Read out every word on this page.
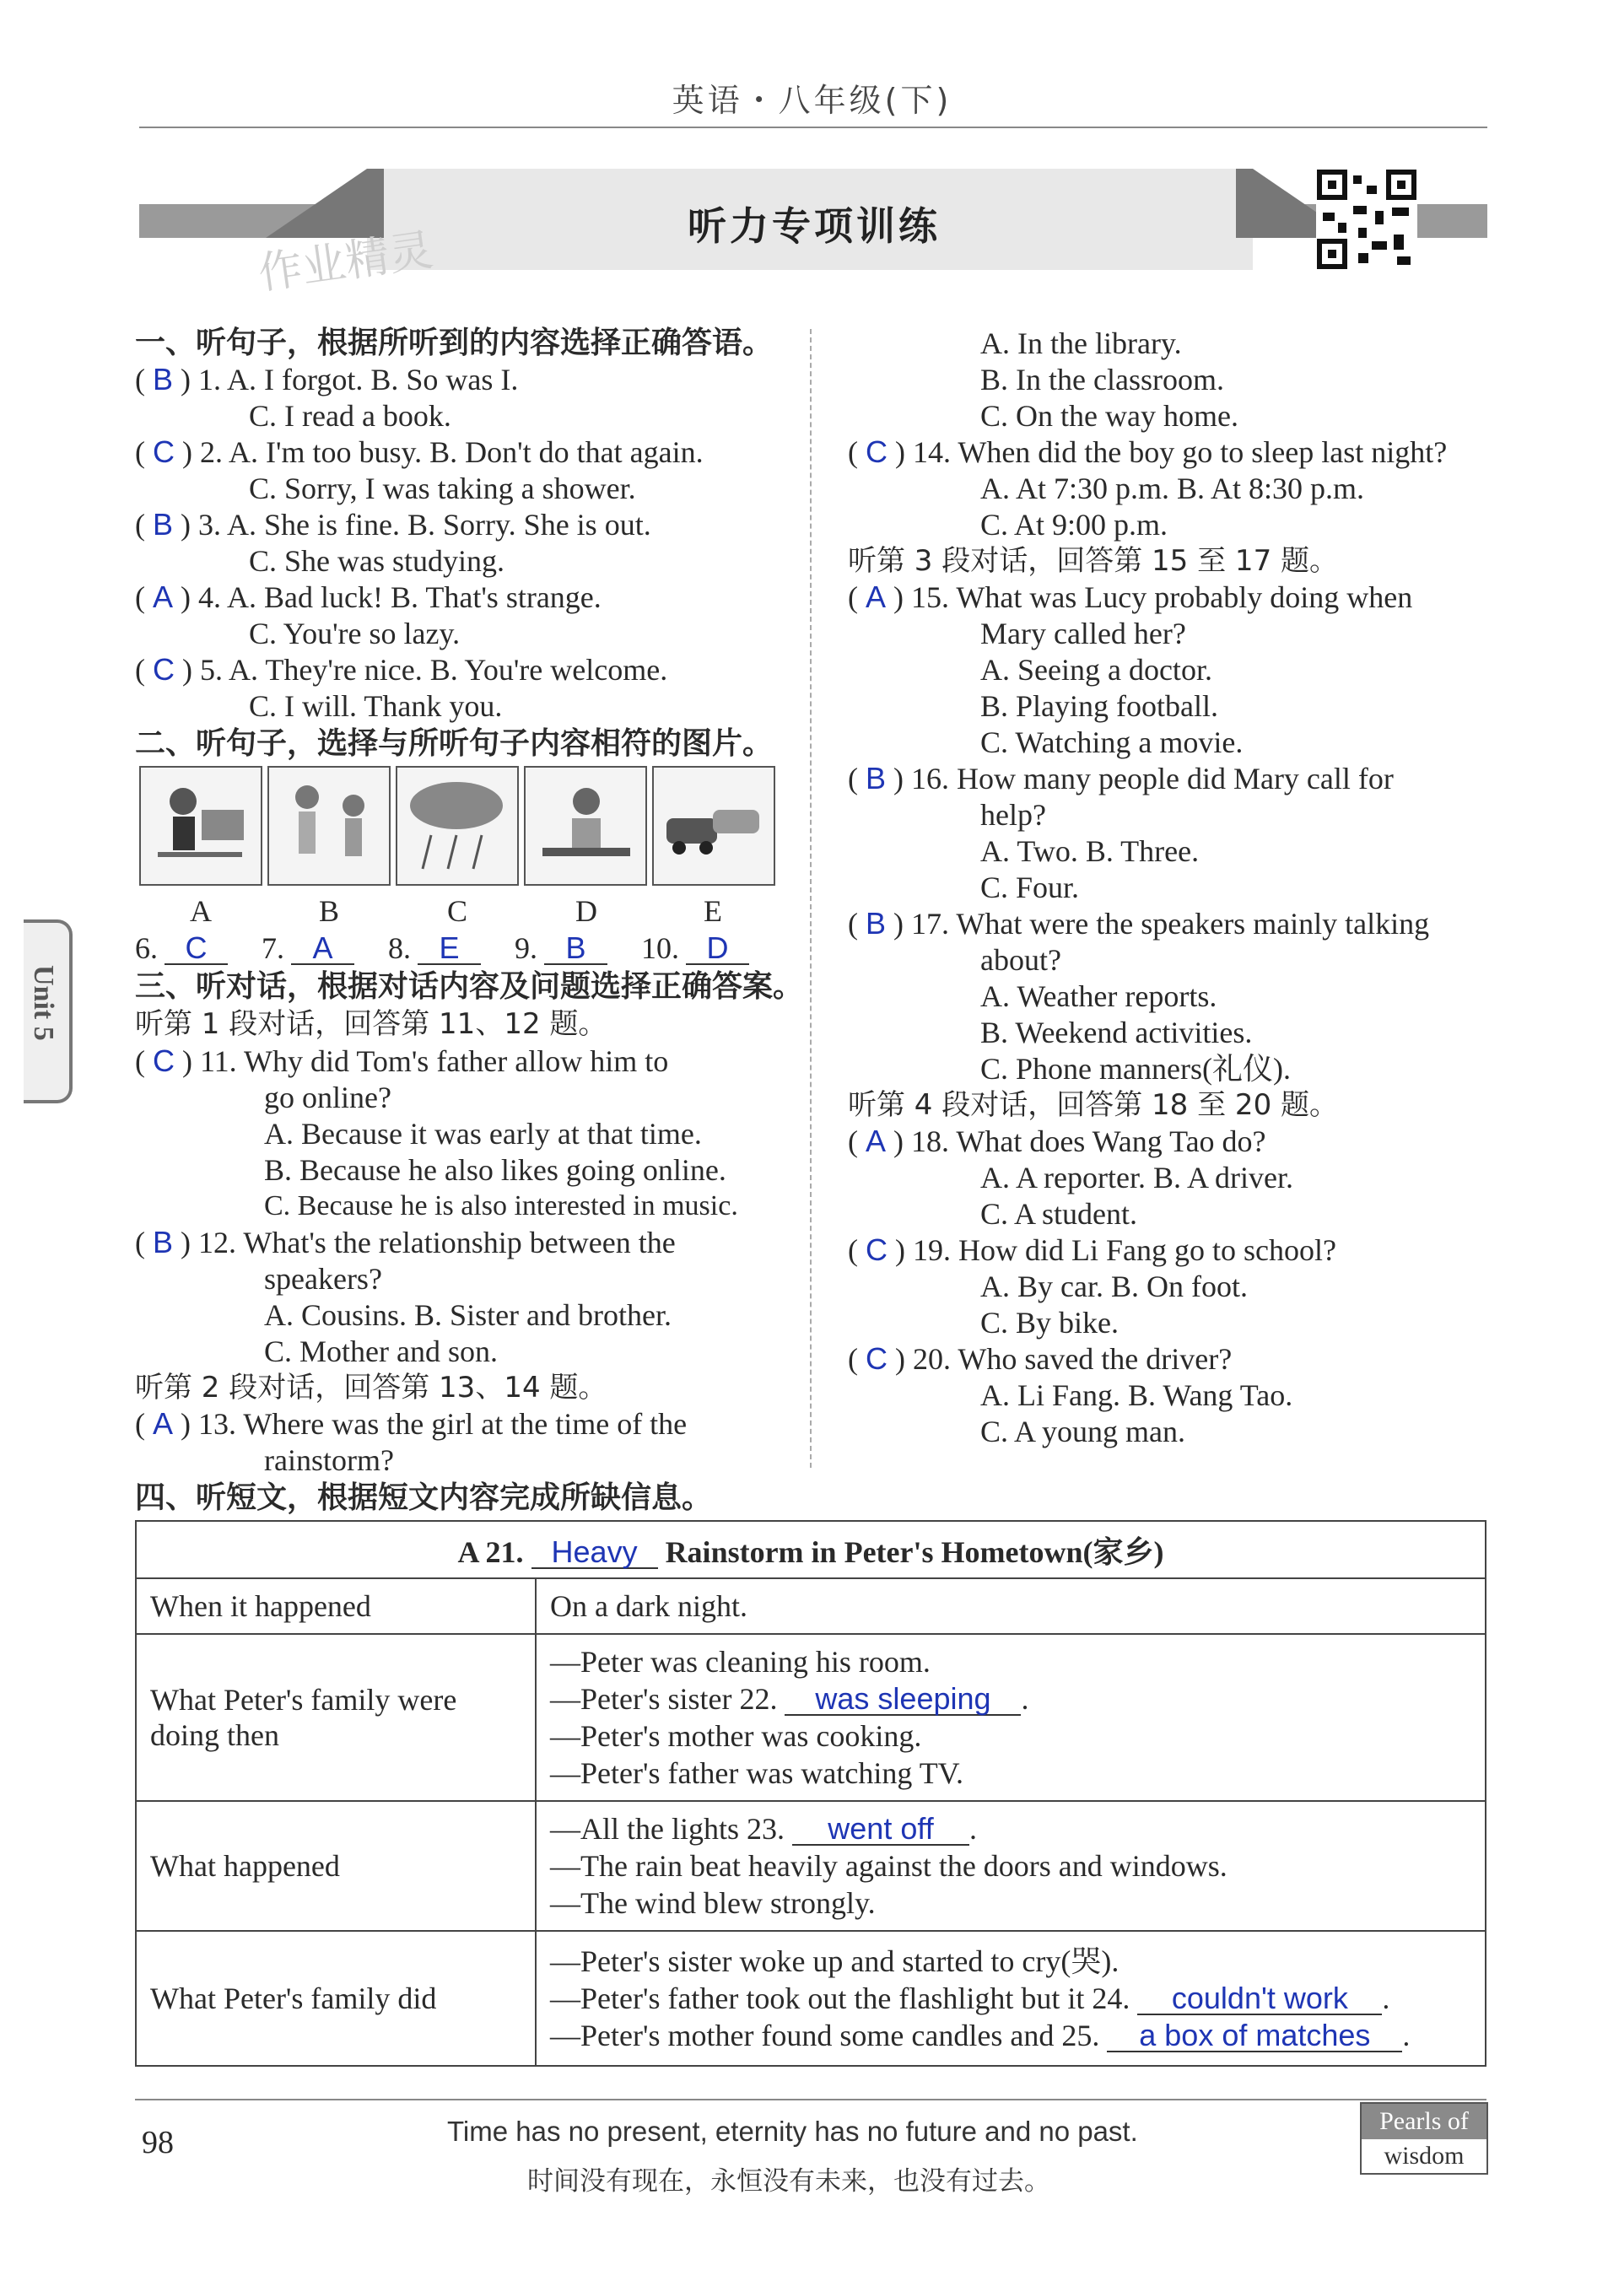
英语・八年级(下)
听力专项训练
作业精灵
Unit 5
一、听句子，根据所听到的内容选择正确答语。
( B ) 1. A. I forgot. B. So was I.
C. I read a book.
( C ) 2. A. I'm too busy. B. Don't do that again.
C. Sorry, I was taking a shower.
( B ) 3. A. She is fine. B. Sorry. She is out.
C. She was studying.
( A ) 4. A. Bad luck! B. That's strange.
C. You're so lazy.
( C ) 5. A. They're nice. B. You're welcome.
C. I will. Thank you.
二、听句子，选择与所听句子内容相符的图片。
A	B	C	D	E
6. C 7. A 8. E 9. B 10. D
三、听对话，根据对话内容及问题选择正确答案。
听第 1 段对话，回答第 11、12 题。
( C ) 11. Why did Tom's father allow him to
go online?
A. Because it was early at that time.
B. Because he also likes going online.
C. Because he is also interested in music.
( B ) 12. What's the relationship between the
speakers?
A. Cousins. B. Sister and brother.
C. Mother and son.
听第 2 段对话，回答第 13、14 题。
( A ) 13. Where was the girl at the time of the
rainstorm?
A. In the library.
B. In the classroom.
C. On the way home.
( C ) 14. When did the boy go to sleep last night?
A. At 7:30 p.m. B. At 8:30 p.m.
C. At 9:00 p.m.
听第 3 段对话，回答第 15 至 17 题。
( A ) 15. What was Lucy probably doing when
Mary called her?
A. Seeing a doctor.
B. Playing football.
C. Watching a movie.
( B ) 16. How many people did Mary call for
help?
A. Two. B. Three.
C. Four.
( B ) 17. What were the speakers mainly talking
about?
A. Weather reports.
B. Weekend activities.
C. Phone manners(礼仪).
听第 4 段对话，回答第 18 至 20 题。
( A ) 18. What does Wang Tao do?
A. A reporter. B. A driver.
C. A student.
( C ) 19. How did Li Fang go to school?
A. By car. B. On foot.
C. By bike.
( C ) 20. Who saved the driver?
A. Li Fang. B. Wang Tao.
C. A young man.
四、听短文，根据短文内容完成所缺信息。
A 21. Heavy Rainstorm in Peter's Hometown(家乡)	
When it happened	On a dark night.
What Peter's family were doing then	—Peter was cleaning his room.
—Peter's sister 22. was sleeping .
—Peter's mother was cooking.
—Peter's father was watching TV.

What happened	—All the lights 23. went off .
—The rain beat heavily against the doors and windows.
—The wind blew strongly.

What Peter's family did	—Peter's sister woke up and started to cry(哭).
—Peter's father took out the flashlight but it 24. couldn't work .
—Peter's mother found some candles and 25. a box of matches .
98	Time has no present, eternity has no future and no past.
时间没有现在，永恒没有未来，也没有过去。
Pearls of
wisdom
